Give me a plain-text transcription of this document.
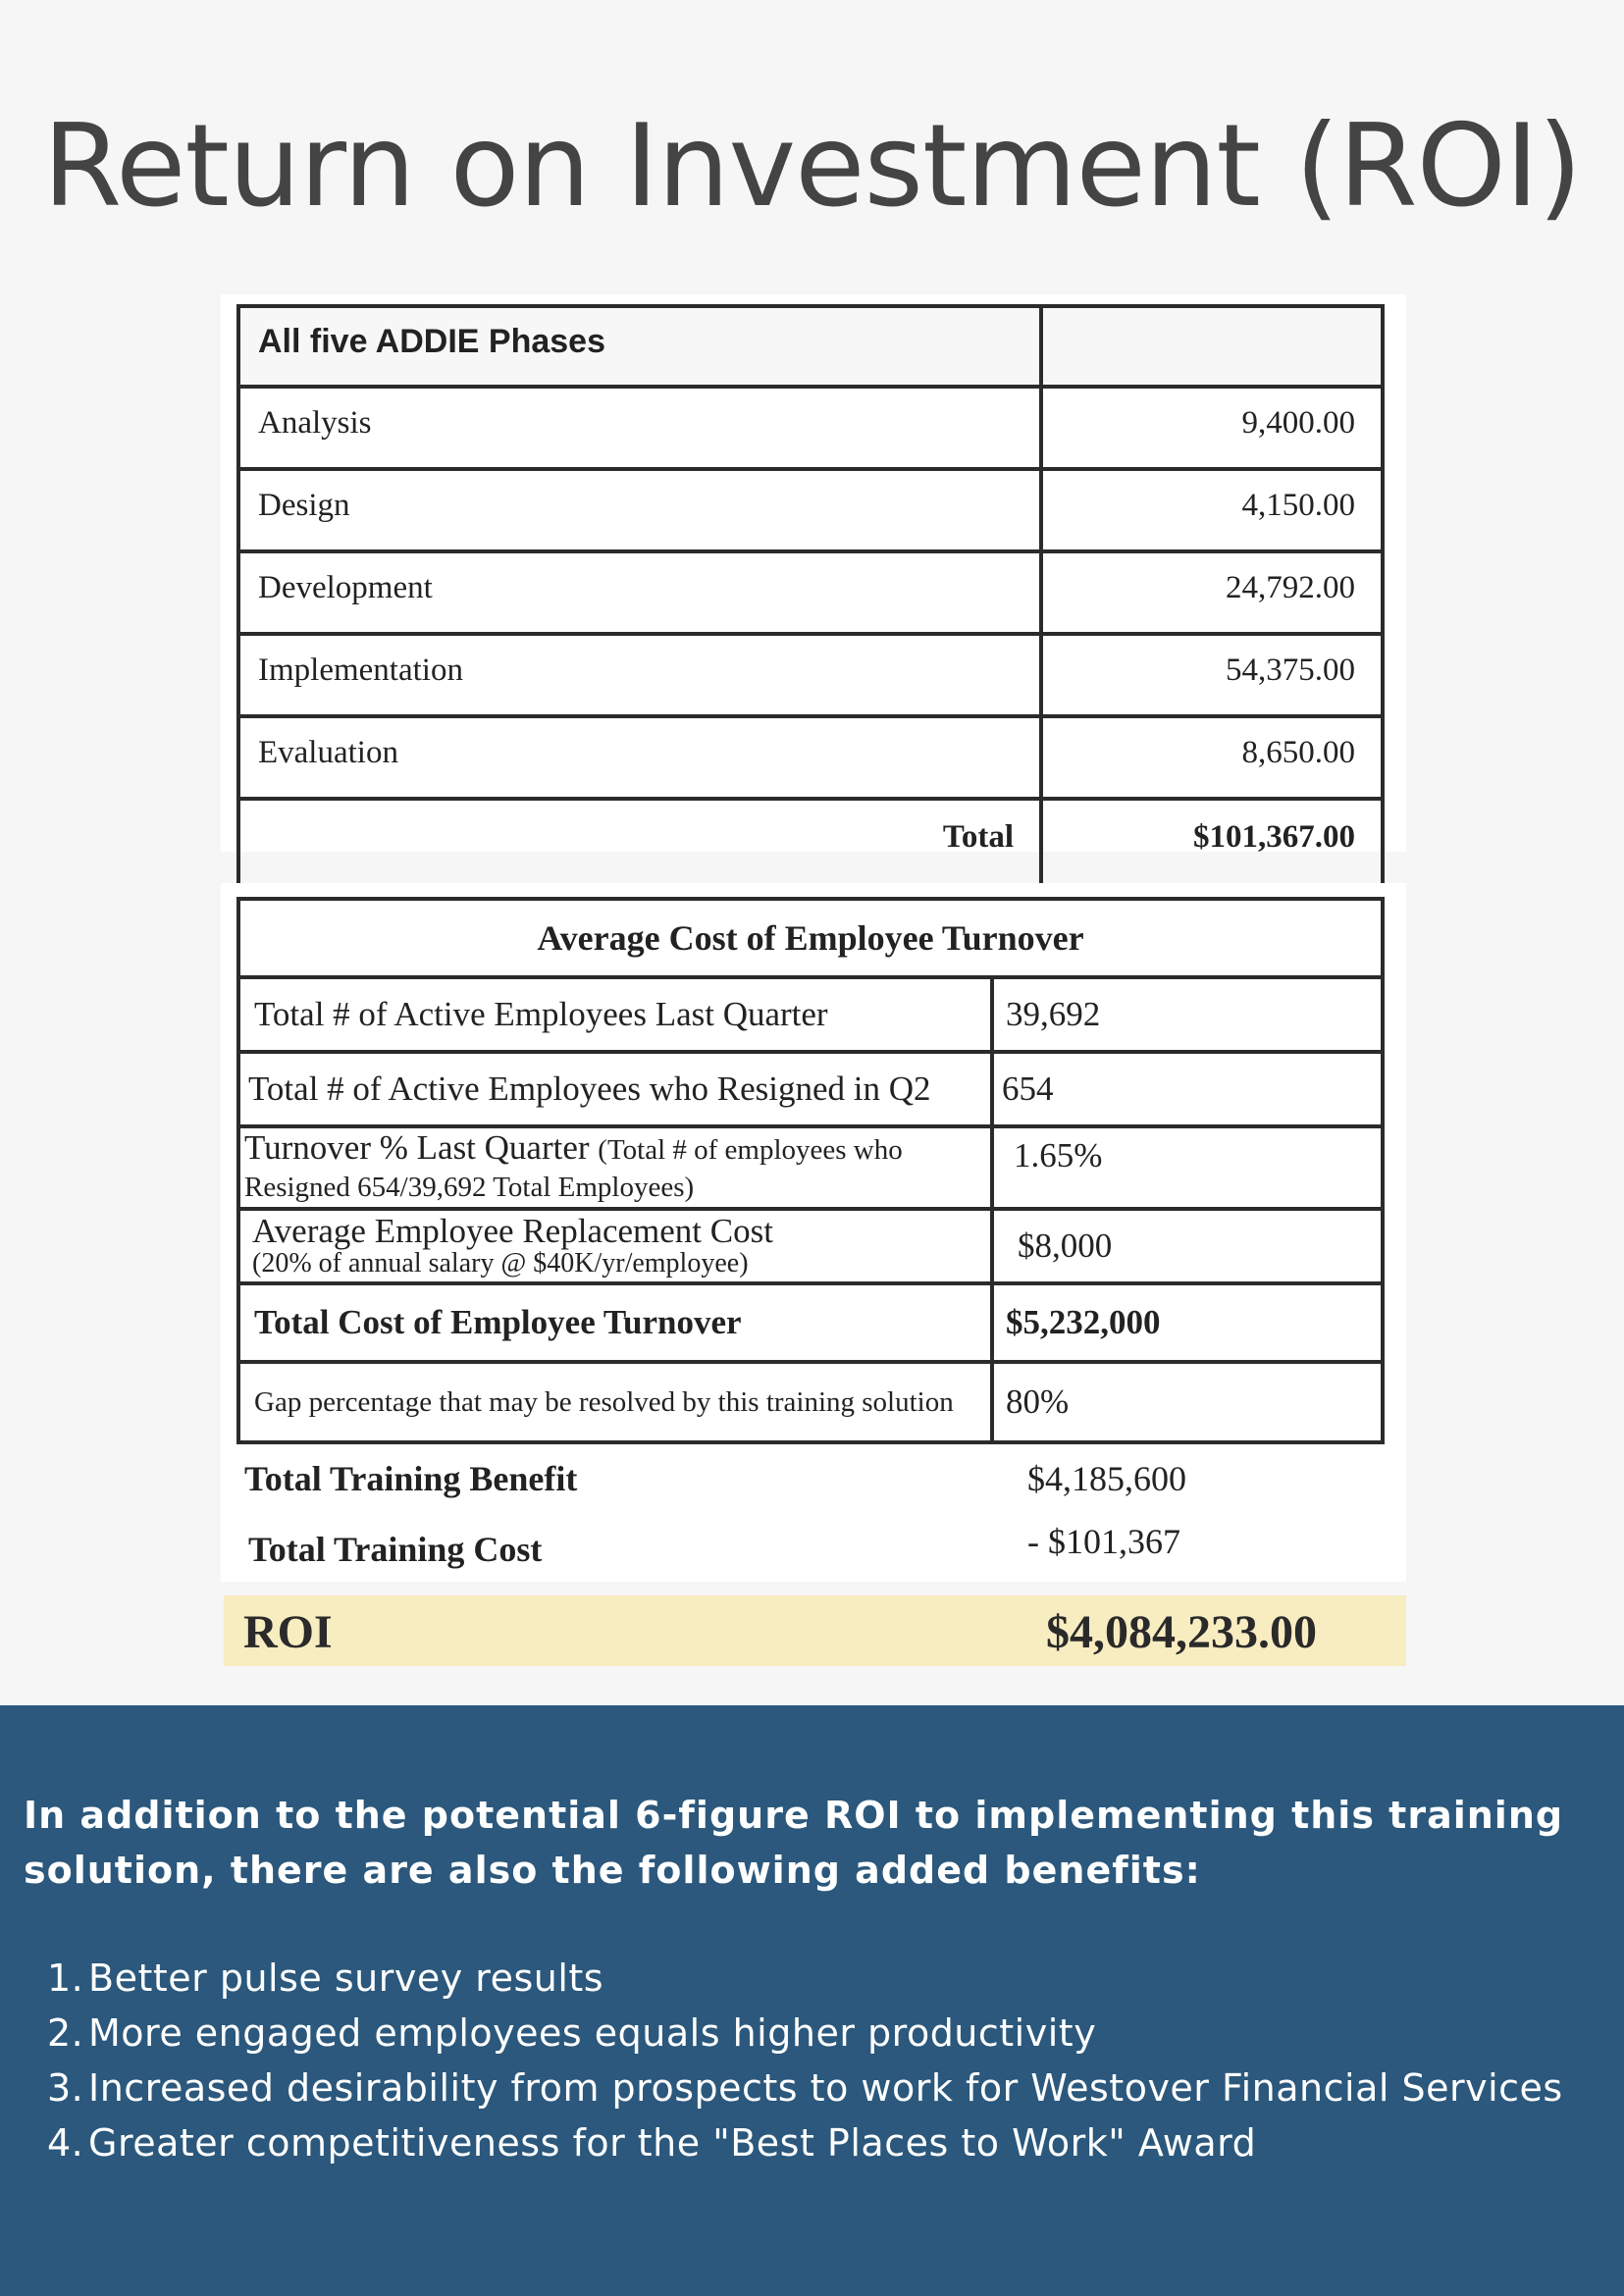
Return on Investment (ROI)
All five ADDIE Phases	
Analysis	9,400.00
Design	4,150.00
Development	24,792.00
Implementation	54,375.00
Evaluation	8,650.00
Total	$101,367.00
Average Cost of Employee Turnover	
Total # of Active Employees Last Quarter	39,692
Total # of Active Employees who Resigned in Q2	654
Turnover % Last Quarter (Total # of employees who
Resigned 654/39,692 Total Employees)	1.65%
Average Employee Replacement Cost
(20% of annual salary @ $40K/yr/employee)	$8,000
Total Cost of Employee Turnover	$5,232,000
Gap percentage that may be resolved by this training solution	80%
Total Training Benefit	$4,185,600
Total Training Cost	- $101,367
ROI	$4,084,233.00
In addition to the potential 6-figure ROI to implementing this training solution, there are also the following added benefits:
1. Better pulse survey results
2. More engaged employees equals higher productivity
3. Increased desirability from prospects to work for Westover Financial Services
4. Greater competitiveness for the "Best Places to Work" Award
